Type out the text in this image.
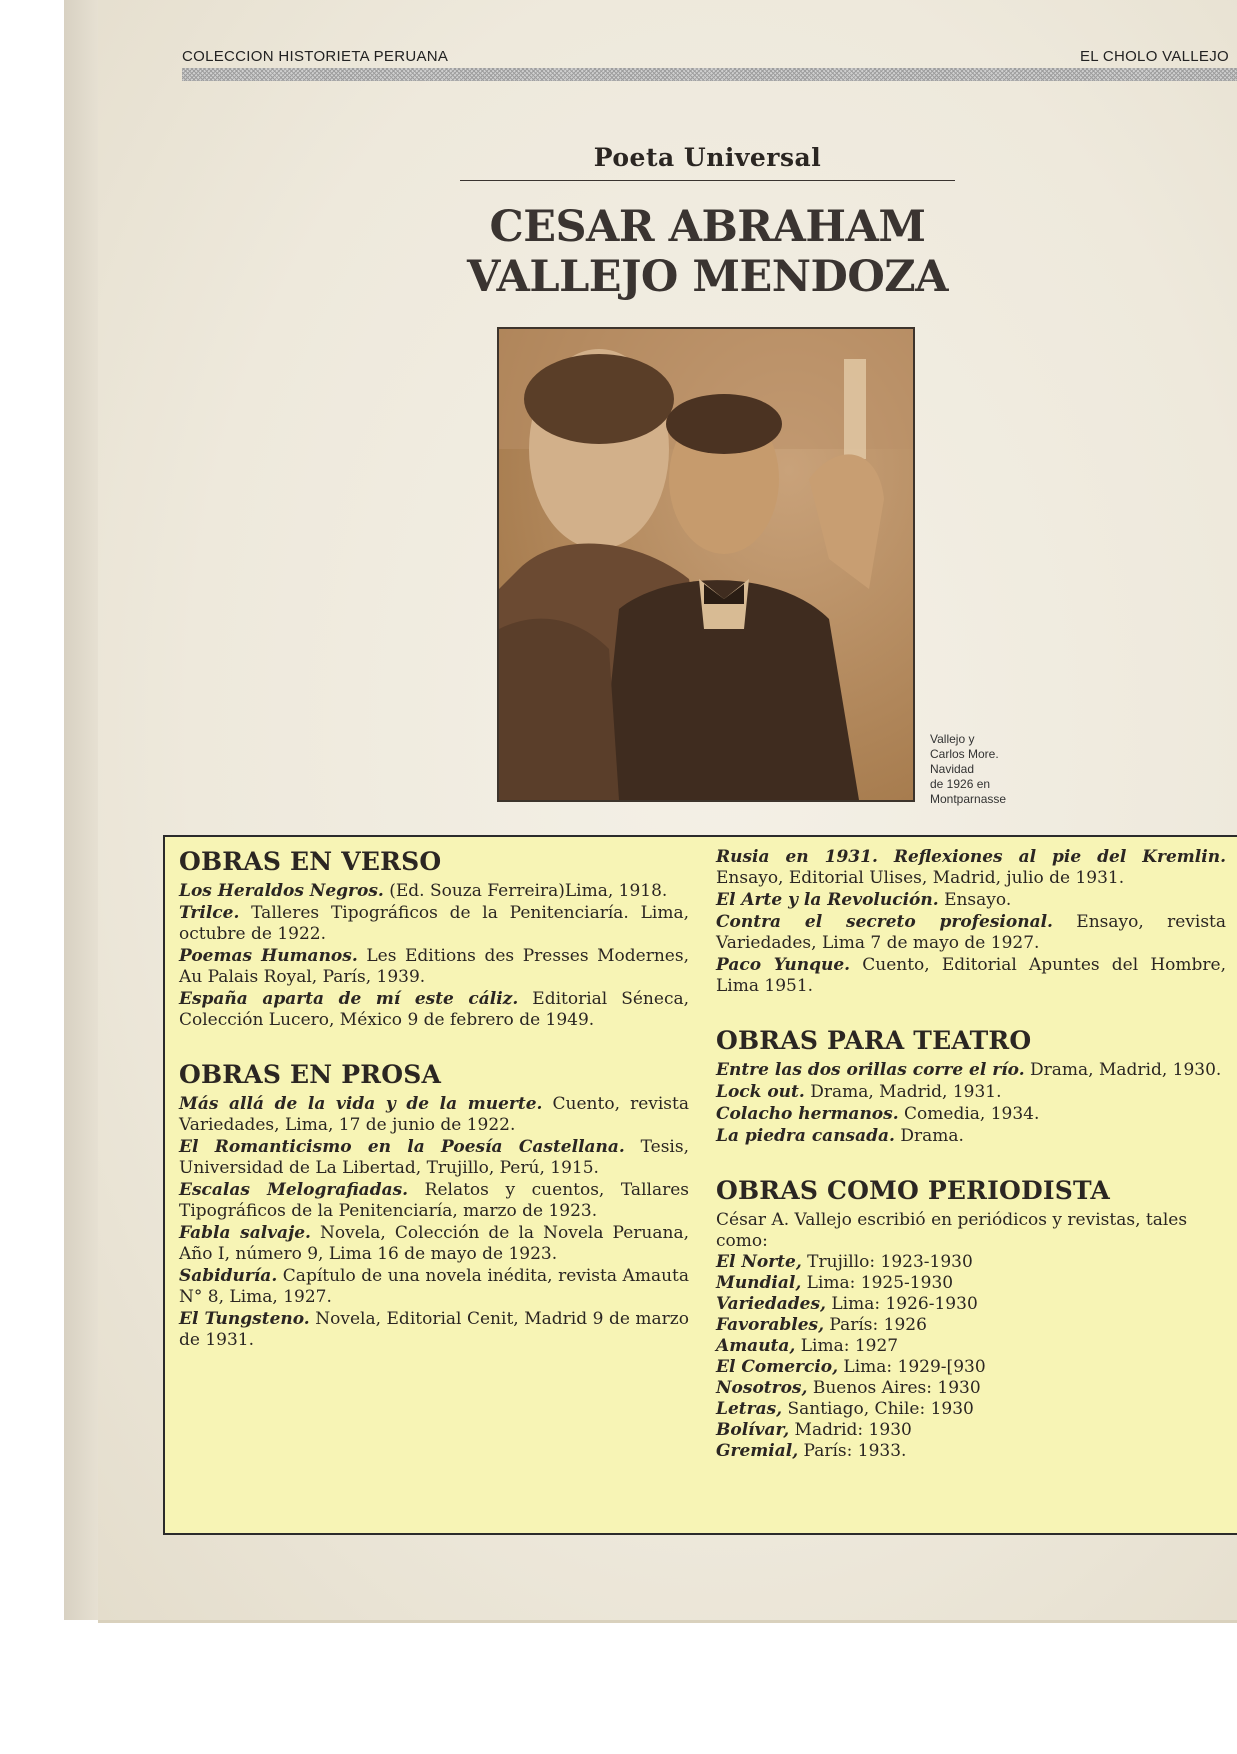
COLECCION HISTORIETA PERUANA	EL CHOLO VALLEJO
Poeta Universal
CESAR ABRAHAM
VALLEJO MENDOZA
Vallejo y
Carlos More.
Navidad
de 1926 en
Montparnasse
OBRAS EN VERSO
Los Heraldos Negros. (Ed. Souza Ferreira)Lima, 1918.
Trilce. Talleres Tipográficos de la Penitenciaría. Lima, octubre de 1922.
Poemas Humanos. Les Editions des Presses Modernes, Au Palais Royal, París, 1939.
España aparta de mí este cáliz. Editorial Séneca, Colección Lucero, México 9 de febrero de 1949.
OBRAS EN PROSA
Más allá de la vida y de la muerte. Cuento, revista Variedades, Lima, 17 de junio de 1922.
El Romanticismo en la Poesía Castellana. Tesis, Universidad de La Libertad, Trujillo, Perú, 1915.
Escalas Melografiadas. Relatos y cuentos, Tallares Tipográficos de la Penitenciaría, marzo de 1923.
Fabla salvaje. Novela, Colección de la Novela Peruana, Año I, número 9, Lima 16 de mayo de 1923.
Sabiduría. Capítulo de una novela inédita, revista Amauta N° 8, Lima, 1927.
El Tungsteno. Novela, Editorial Cenit, Madrid 9 de marzo de 1931.
Rusia en 1931. Reflexiones al pie del Kremlin. Ensayo, Editorial Ulises, Madrid, julio de 1931.
El Arte y la Revolución. Ensayo.
Contra el secreto profesional. Ensayo, revista Variedades, Lima 7 de mayo de 1927.
Paco Yunque. Cuento, Editorial Apuntes del Hombre, Lima 1951.
OBRAS PARA TEATRO
Entre las dos orillas corre el río. Drama, Madrid, 1930.
Lock out. Drama, Madrid, 1931.
Colacho hermanos. Comedia, 1934.
La piedra cansada. Drama.
OBRAS COMO PERIODISTA
César A. Vallejo escribió en periódicos y revistas, tales como:
El Norte, Trujillo: 1923-1930
Mundial, Lima: 1925-1930
Variedades, Lima: 1926-1930
Favorables, París: 1926
Amauta, Lima: 1927
El Comercio, Lima: 1929-[930
Nosotros, Buenos Aires: 1930
Letras, Santiago, Chile: 1930
Bolívar, Madrid: 1930
Gremial, París: 1933.
